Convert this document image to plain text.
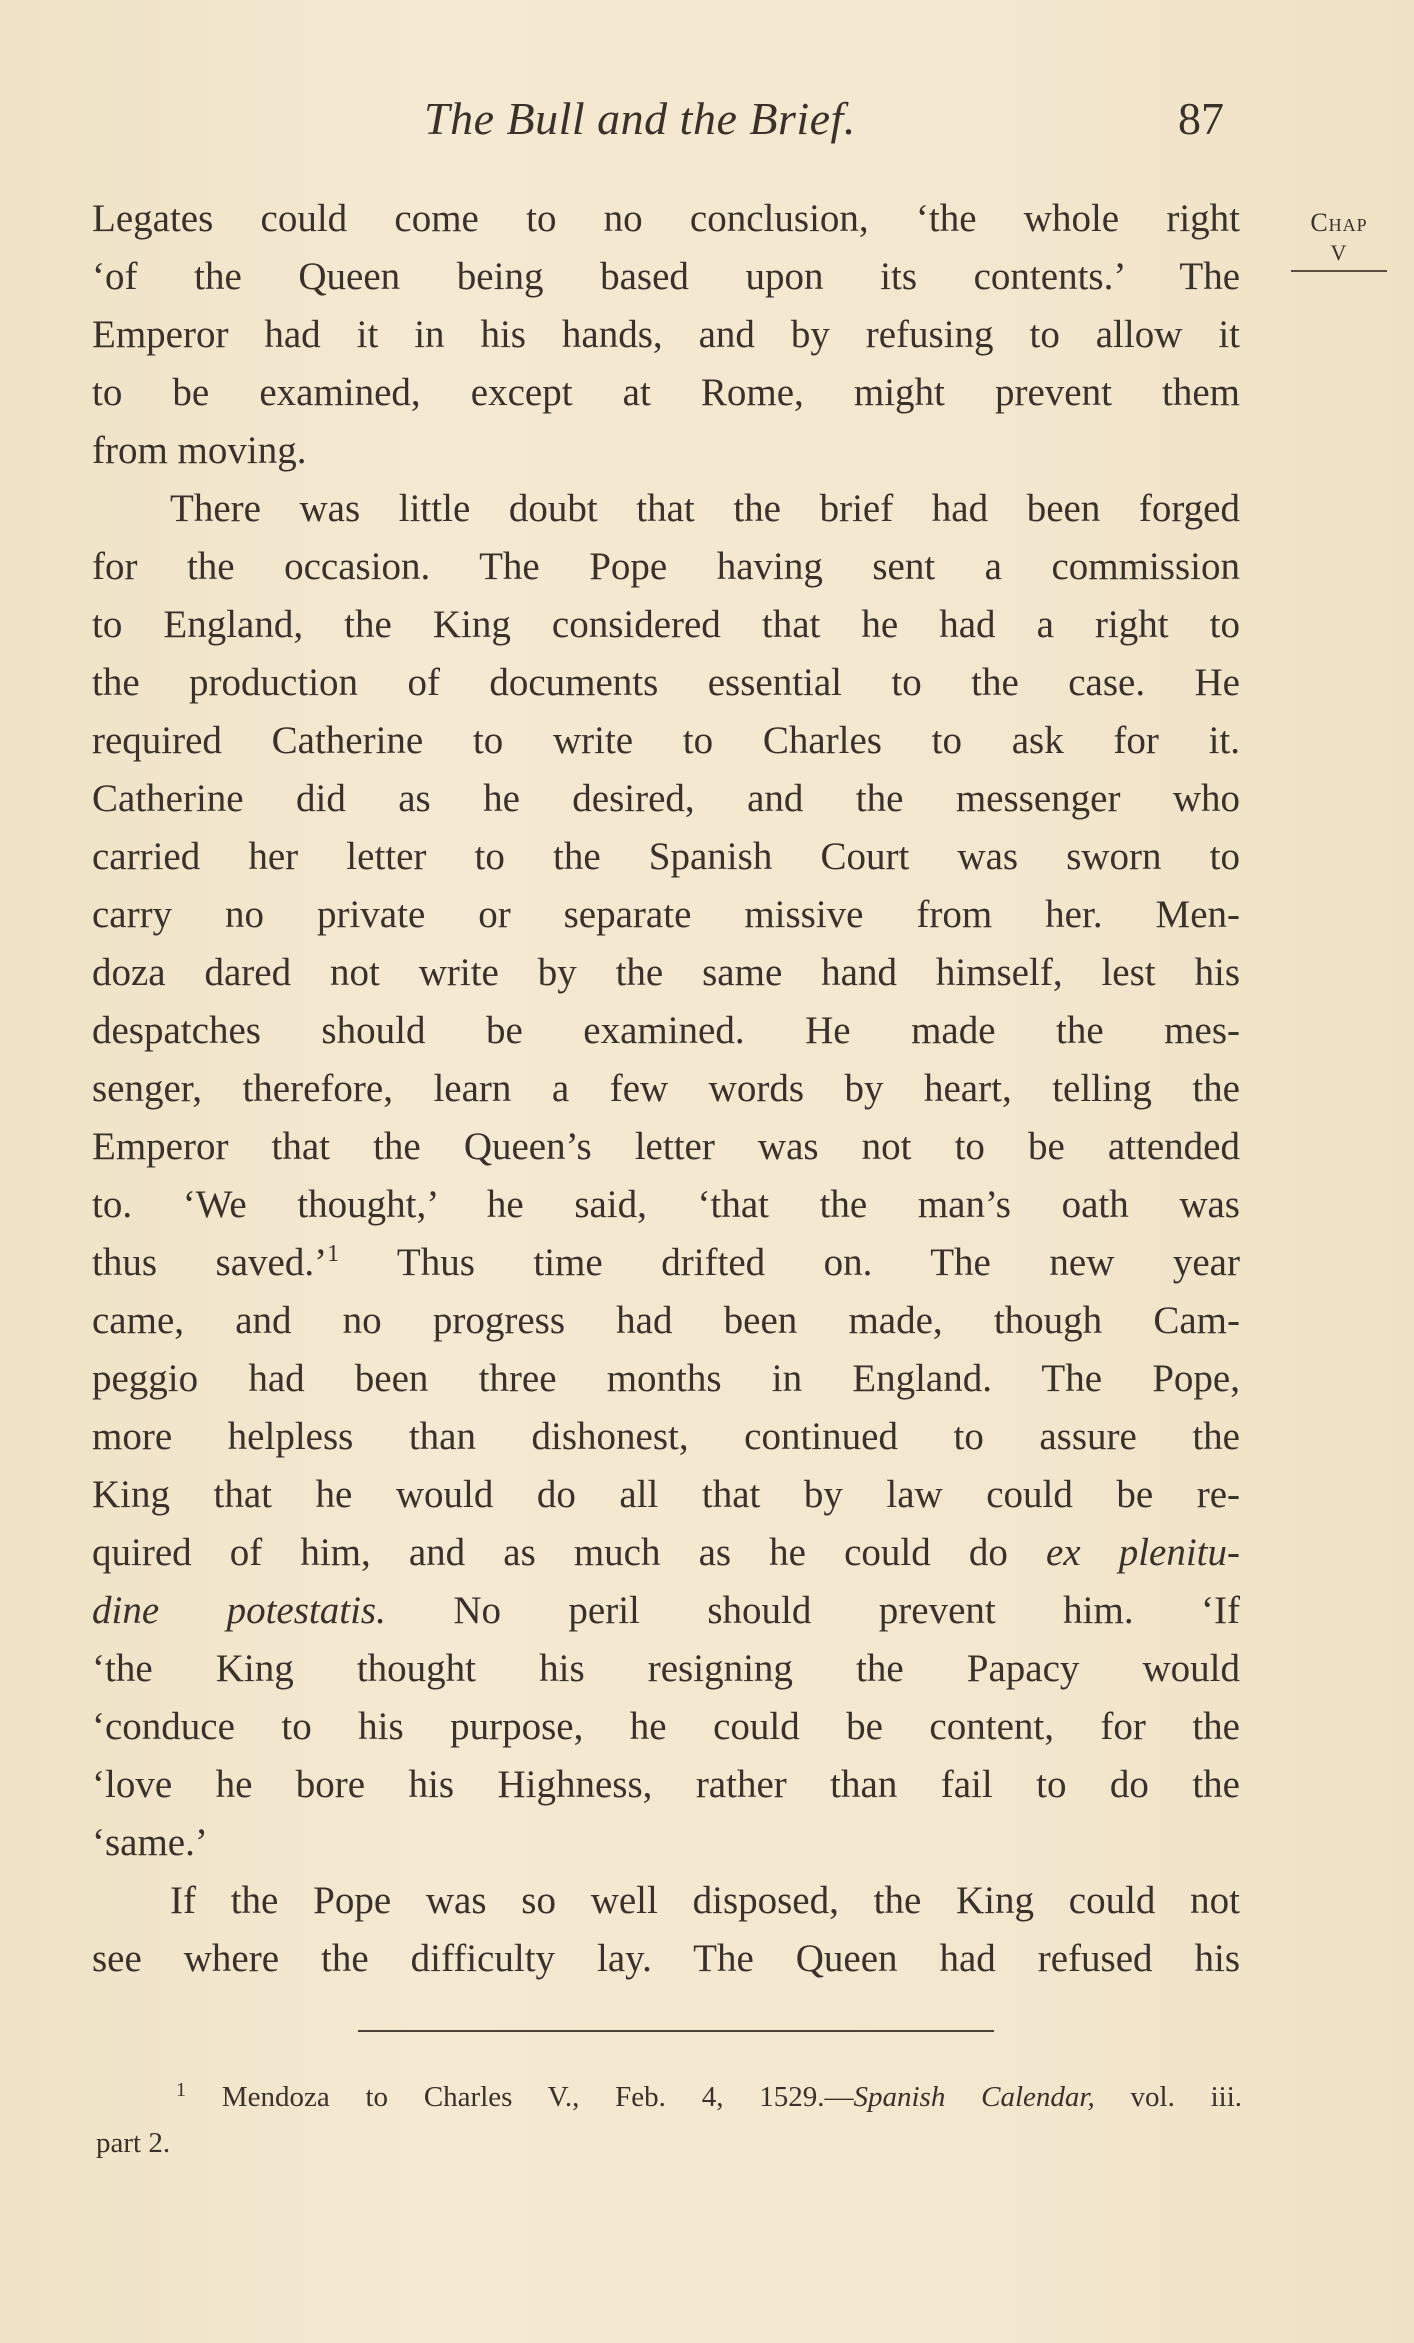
The Bull and the Brief.	87
Chap
V
Legates could come to no conclusion, ‘the whole right
‘of the Queen being based upon its contents.’ The
Emperor had it in his hands, and by refusing to allow it
to be examined, except at Rome, might prevent them
from moving.
There was little doubt that the brief had been forged
for the occasion. The Pope having sent a commission
to England, the King considered that he had a right to
the production of documents essential to the case. He
required Catherine to write to Charles to ask for it.
Catherine did as he desired, and the messenger who
carried her letter to the Spanish Court was sworn to
carry no private or separate missive from her. Men-
doza dared not write by the same hand himself, lest his
despatches should be examined. He made the mes-
senger, therefore, learn a few words by heart, telling the
Emperor that the Queen’s letter was not to be attended
to. ‘We thought,’ he said, ‘that the man’s oath was
thus saved.’$^1$ Thus time drifted on. The new year
came, and no progress had been made, though Cam-
peggio had been three months in England. The Pope,
more helpless than dishonest, continued to assure the
King that he would do all that by law could be re-
quired of him, and as much as he could do ex plenitu-
dine potestatis. No peril should prevent him. ‘If
‘the King thought his resigning the Papacy would
‘conduce to his purpose, he could be content, for the
‘love he bore his Highness, rather than fail to do the
‘same.’
If the Pope was so well disposed, the King could not
see where the difficulty lay. The Queen had refused his
$^1$ Mendoza to Charles V., Feb. 4, 1529.—Spanish Calendar, vol. iii.
part 2.
